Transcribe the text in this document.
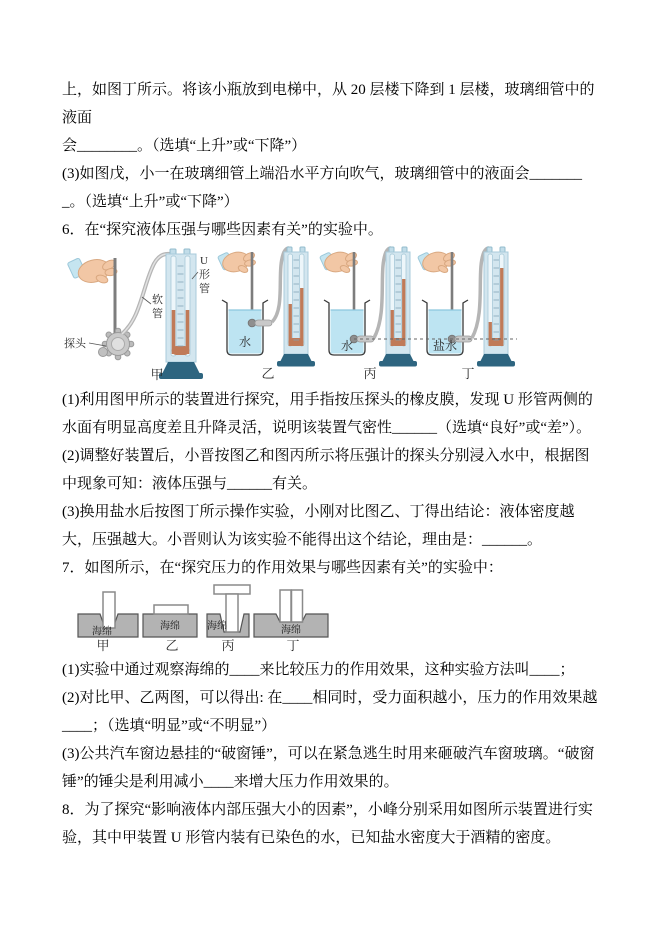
上，如图丁所示。将该小瓶放到电梯中，从 20 层楼下降到 1 层楼，玻璃细管中的液面

会________。（选填“上升”或“下降”）

(3)如图戊，小一在玻璃细管上端沿水平方向吹气，玻璃细管中的液面会________。（选填“上升”或“下降”）

6．在“探究液体压强与哪些因素有关”的实验中。

探头
软
管
U
形
管
甲
水
乙
水
丙
盐水
丁

(1)利用图甲所示的装置进行探究，用手指按压探头的橡皮膜，发现 U 形管两侧的水面有明显高度差且升降灵活，说明该装置气密性______（选填“良好”或“差”）。

(2)调整好装置后，小晋按图乙和图丙所示将压强计的探头分别浸入水中，根据图中现象可知：液体压强与______有关。

(3)换用盐水后按图丁所示操作实验，小刚对比图乙、丁得出结论：液体密度越大，压强越大。小晋则认为该实验不能得出这个结论，理由是：______。

7．如图所示，在“探究压力的作用效果与哪些因素有关”的实验中：

海绵
甲
海绵
乙
海绵
丙
海绵
丁

(1)实验中通过观察海绵的____来比较压力的作用效果，这种实验方法叫____；

(2)对比甲、乙两图，可以得出: 在____相同时，受力面积越小，压力的作用效果越____；（选填“明显”或“不明显”）

(3)公共汽车窗边悬挂的“破窗锤”，可以在紧急逃生时用来砸破汽车窗玻璃。“破窗锤”的锤尖是利用减小____来增大压力作用效果的。

8．为了探究“影响液体内部压强大小的因素”，小峰分别采用如图所示装置进行实验，其中甲装置 U 形管内装有已染色的水，已知盐水密度大于酒精的密度。
